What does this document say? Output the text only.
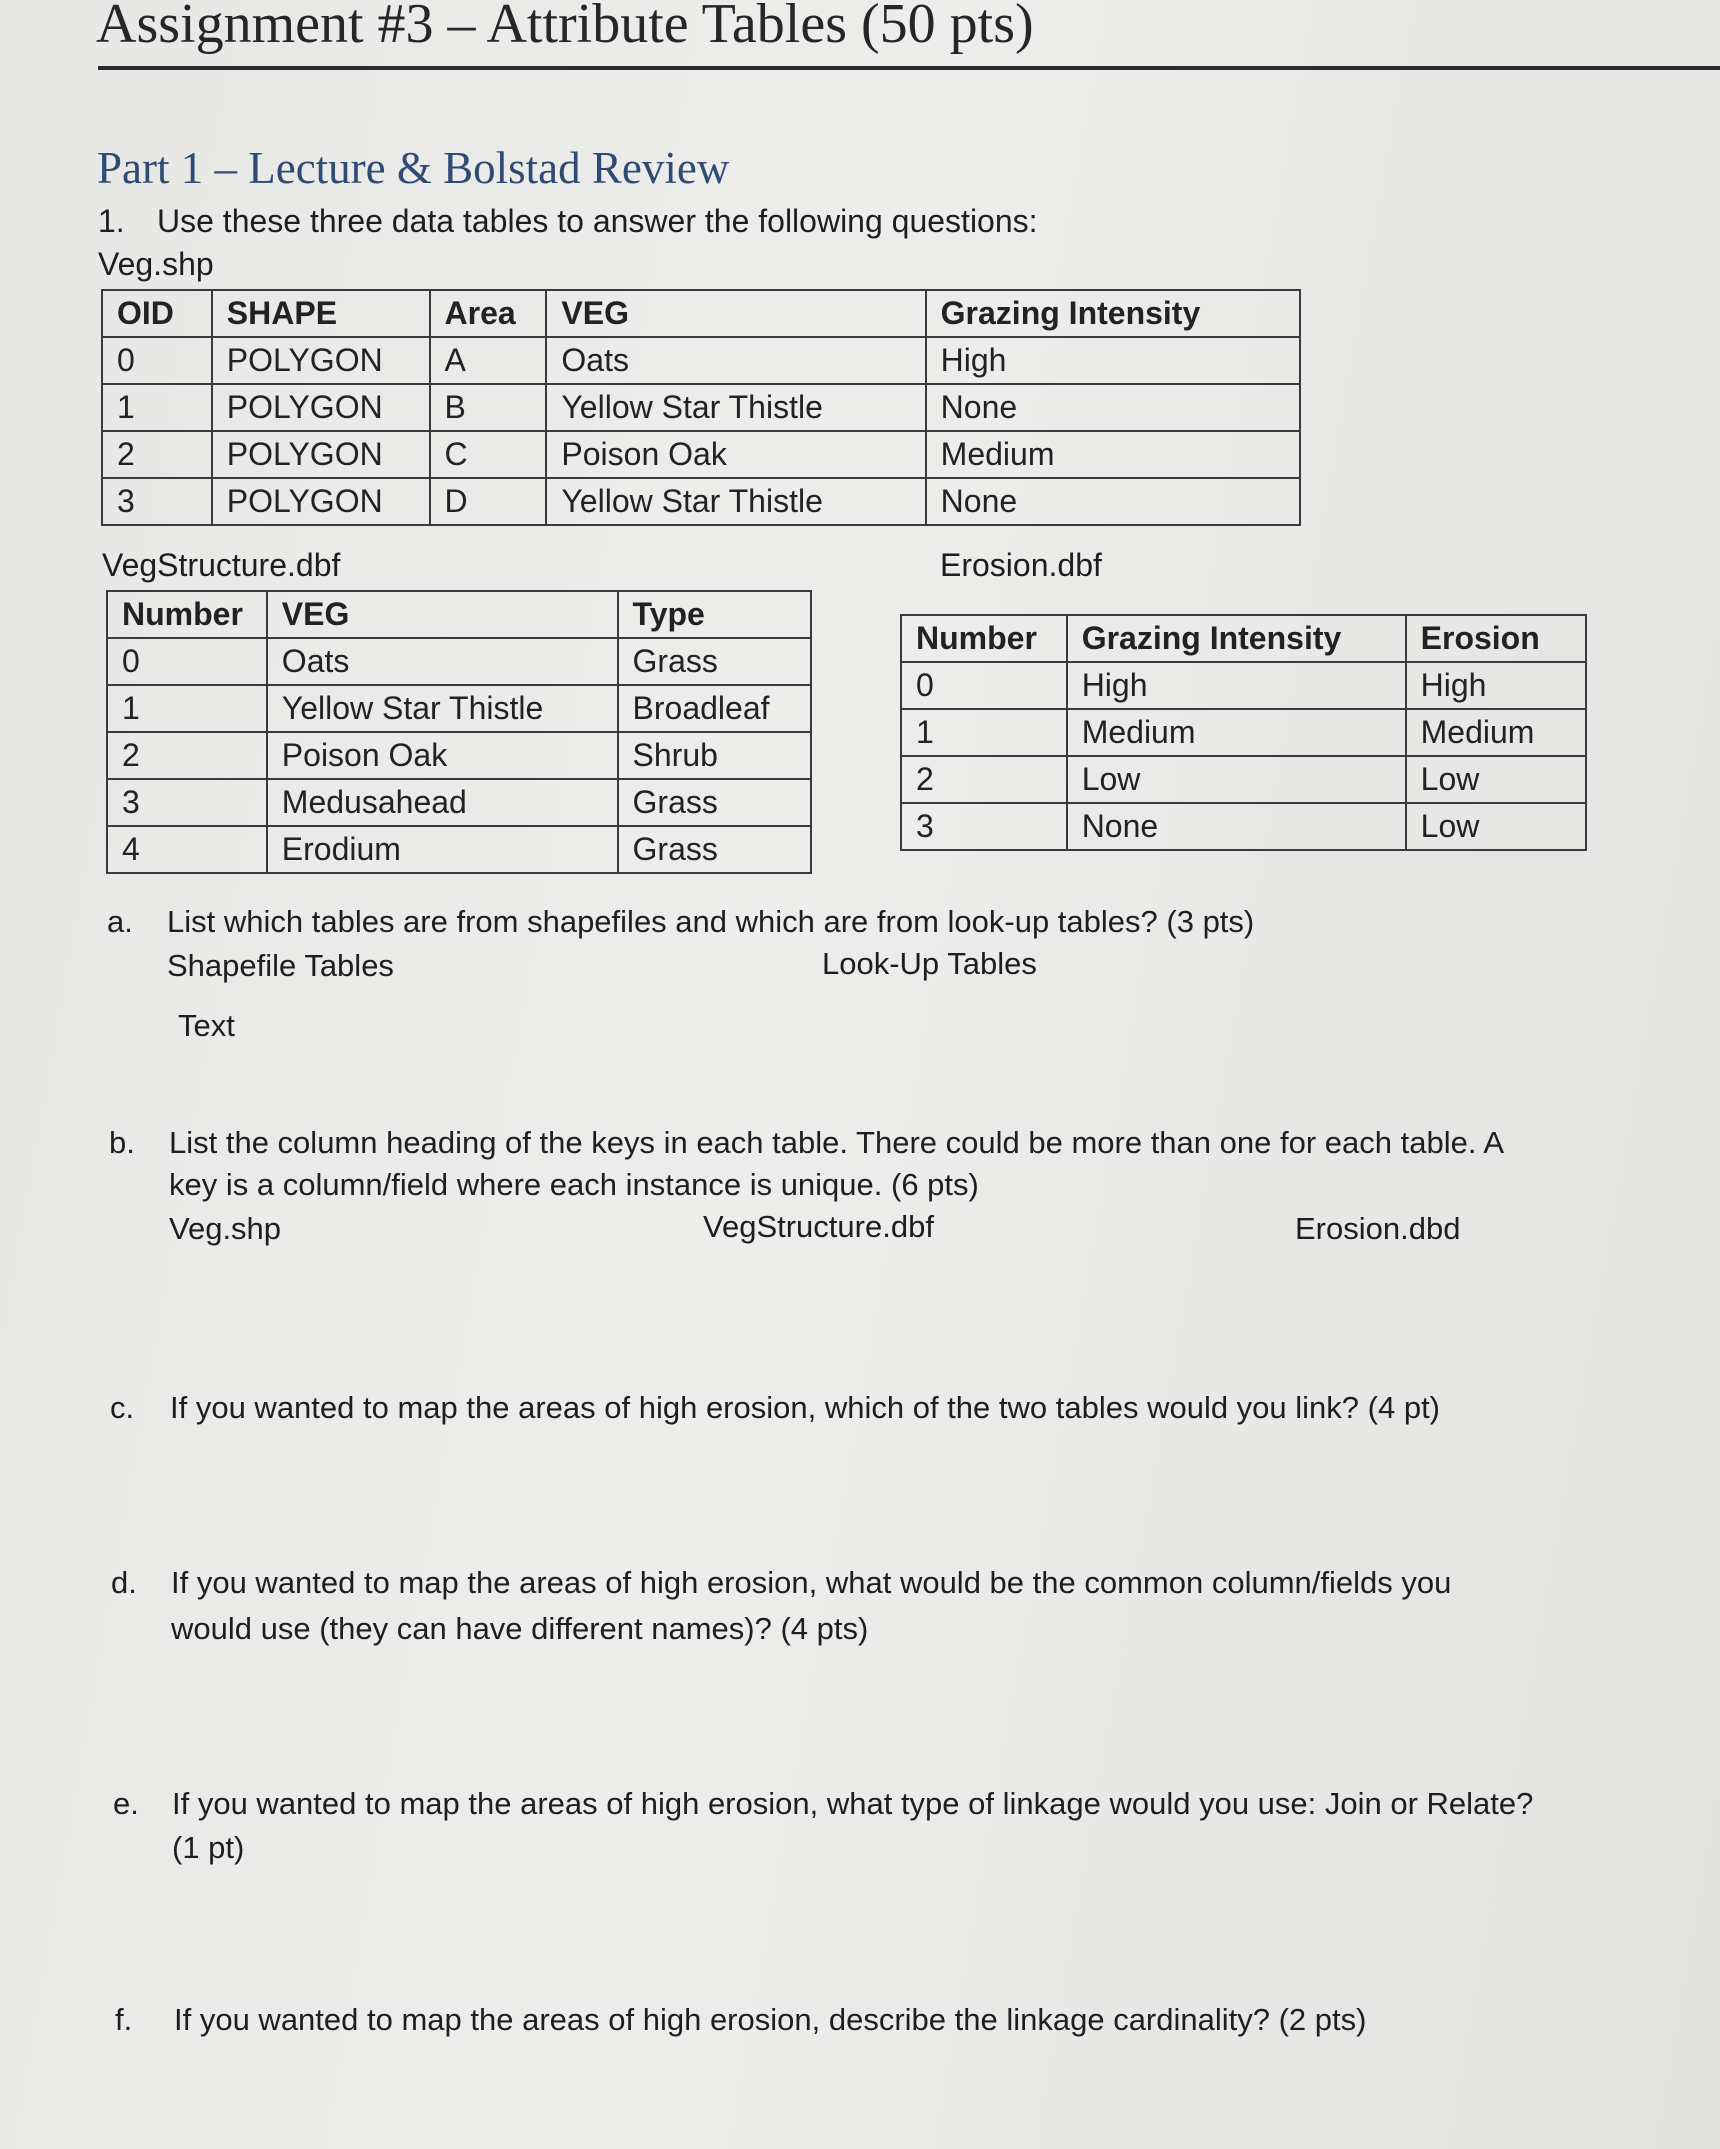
Assignment #3 – Attribute Tables (50 pts)
Part 1 – Lecture & Bolstad Review
1. Use these three data tables to answer the following questions:
Veg.shp
OID	SHAPE	Area	VEG	Grazing Intensity
0	POLYGON	A	Oats	High
1	POLYGON	B	Yellow Star Thistle	None
2	POLYGON	C	Poison Oak	Medium
3	POLYGON	D	Yellow Star Thistle	None
VegStructure.dbf
Number	VEG	Type
0	Oats	Grass
1	Yellow Star Thistle	Broadleaf
2	Poison Oak	Shrub
3	Medusahead	Grass
4	Erodium	Grass
Erosion.dbf
Number	Grazing Intensity	Erosion
0	High	High
1	Medium	Medium
2	Low	Low
3	None	Low
a. List which tables are from shapefiles and which are from look-up tables? (3 pts)
Shapefile Tables	Look-Up Tables
Text
b. List the column heading of the keys in each table. There could be more than one for each table. A
key is a column/field where each instance is unique. (6 pts)
Veg.shp	VegStructure.dbf	Erosion.dbd
c. If you wanted to map the areas of high erosion, which of the two tables would you link? (4 pt)
d. If you wanted to map the areas of high erosion, what would be the common column/fields you
would use (they can have different names)? (4 pts)
e. If you wanted to map the areas of high erosion, what type of linkage would you use: Join or Relate?
(1 pt)
f. If you wanted to map the areas of high erosion, describe the linkage cardinality? (2 pts)
